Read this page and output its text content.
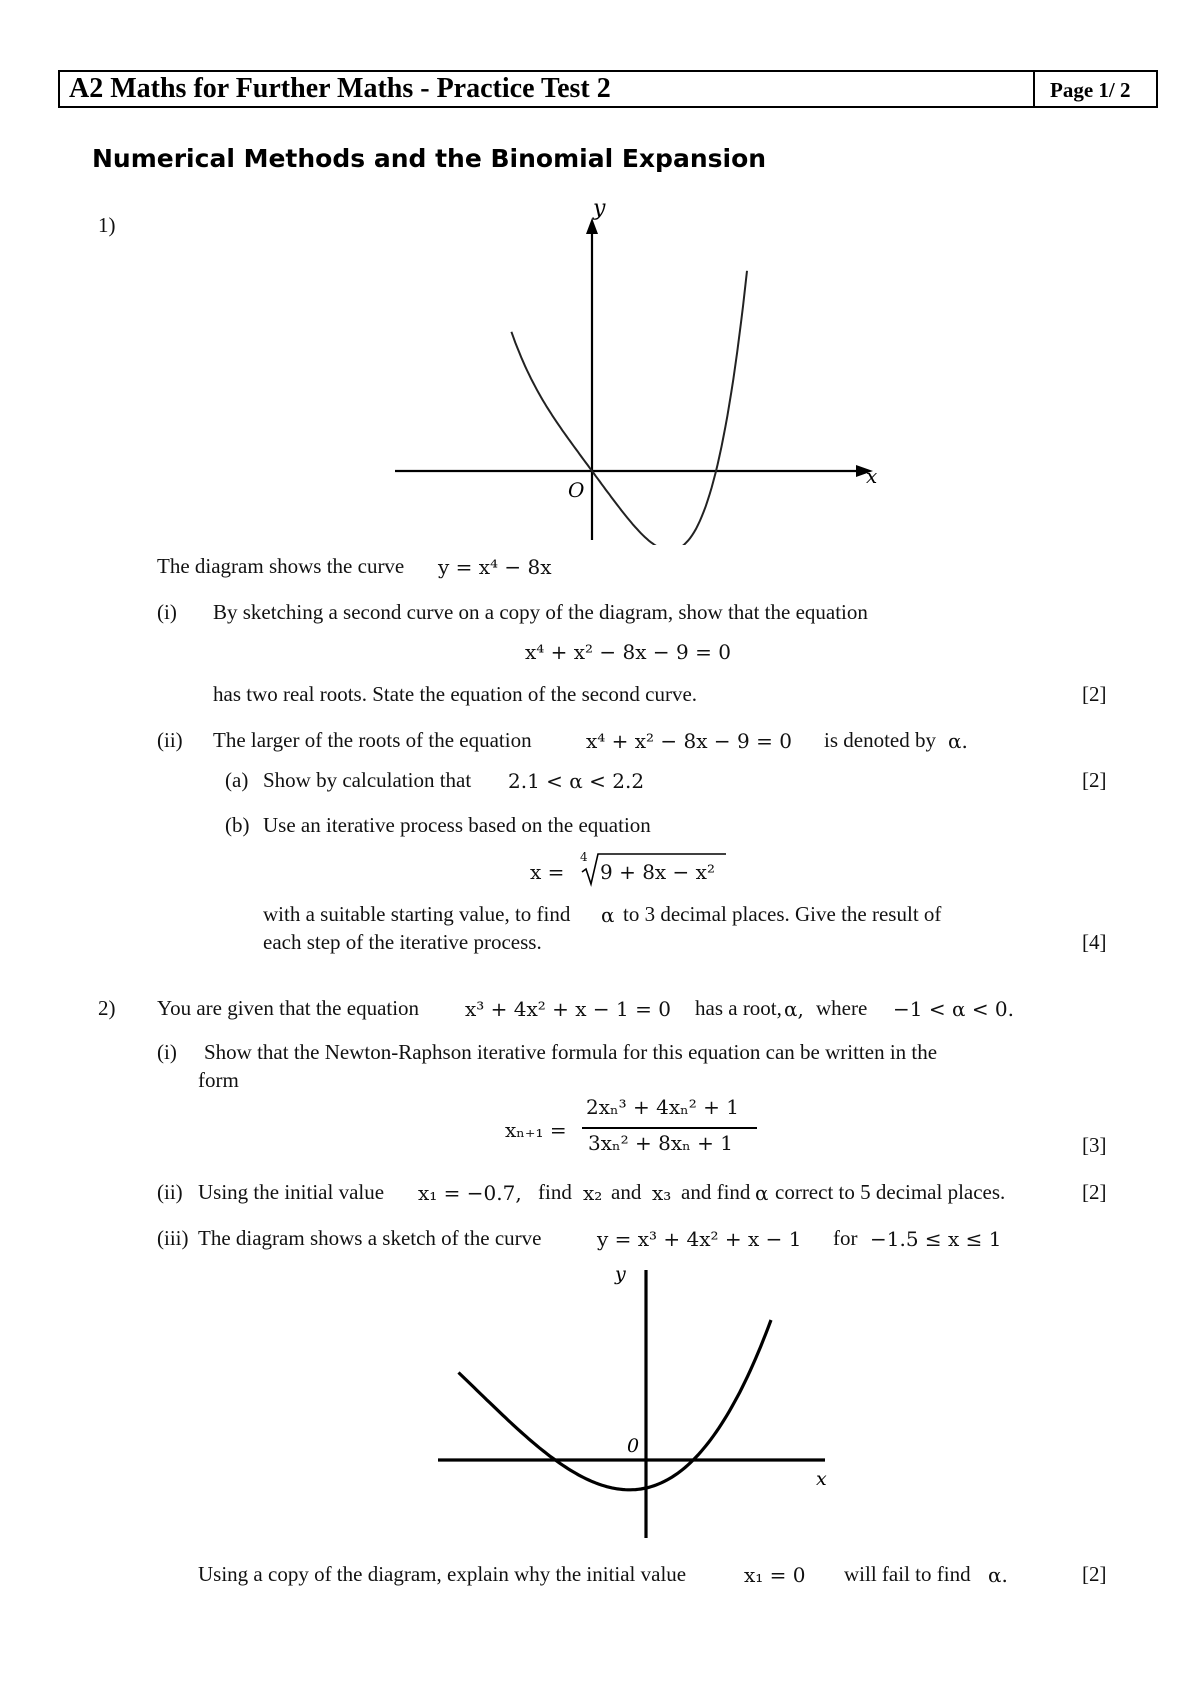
A2 Maths for Further Maths - Practice Test 2	Page 1/ 2
Numerical Methods and the Binomial Expansion
1)
y
x
O
The diagram shows the curve y = x⁴ − 8x
(i) By sketching a second curve on a copy of the diagram, show that the equation
x⁴ + x² − 8x − 9 = 0
has two real roots. State the equation of the second curve.	[2]
(ii) The larger of the roots of the equation	x⁴ + x² − 8x − 9 = 0 is denoted by α.
(a) Show by calculation that 2.1 < α < 2.2	[2]
(b) Use an iterative process based on the equation
x =
4
9 + 8x − x²
with a suitable starting value, to find α to 3 decimal places. Give the result of
each step of the iterative process.	[4]
2) You are given that the equation x³ + 4x² + x − 1 = 0 has a root, α, where −1 < α < 0.
(i) Show that the Newton-Raphson iterative formula for this equation can be written in the
form
xₙ₊₁ =
2xₙ³ + 4xₙ² + 1
3xₙ² + 8xₙ + 1	[3]
(ii) Using the initial value x₁ = −0.7, find x₂ and x₃ and find α correct to 5 decimal places.	[2]
(iii) The diagram shows a sketch of the curve	y = x³ + 4x² + x − 1 for −1.5 ≤ x ≤ 1
y
x
0
Using a copy of the diagram, explain why the initial value	x₁ = 0 will fail to find α.	[2]
